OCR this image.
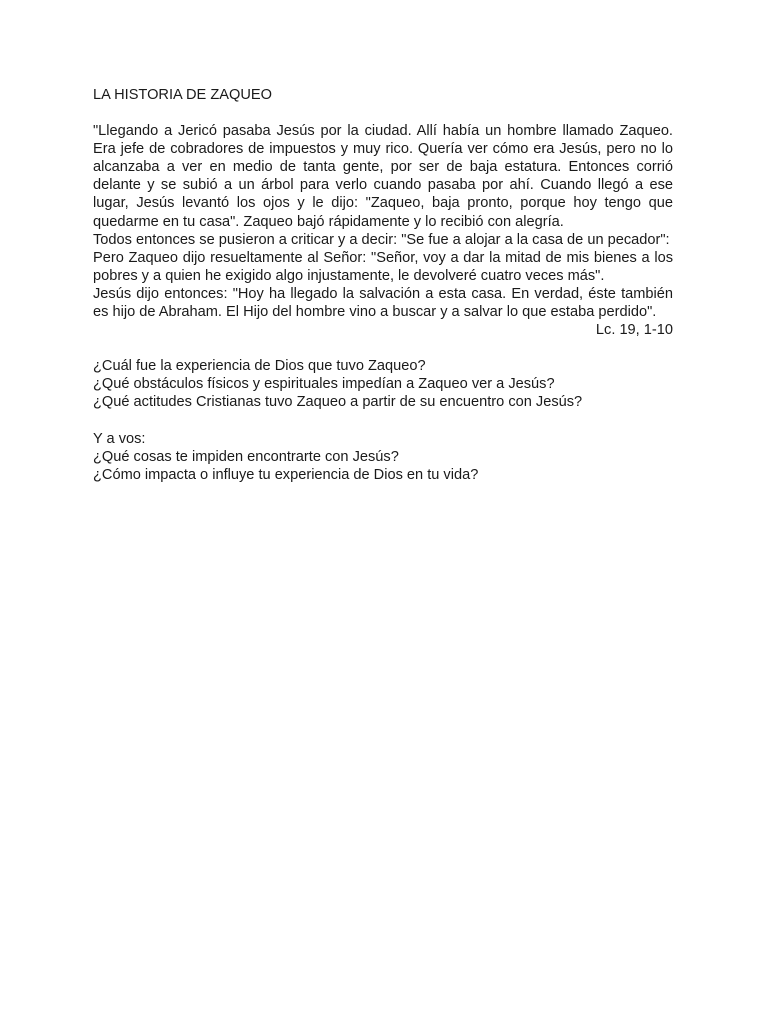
LA HISTORIA DE ZAQUEO

"Llegando a Jericó pasaba Jesús por la ciudad. Allí había un hombre llamado Zaqueo. Era jefe de cobradores de impuestos y muy rico. Quería ver cómo era Jesús, pero no lo alcanzaba a ver en medio de tanta gente, por ser de baja estatura. Entonces corrió delante y se subió a un árbol para verlo cuando pasaba por ahí. Cuando llegó a ese lugar, Jesús levantó los ojos y le dijo: "Zaqueo, baja pronto, porque hoy tengo que quedarme en tu casa". Zaqueo bajó rápidamente y lo recibió con alegría.

Todos entonces se pusieron a criticar y a decir: "Se fue a alojar a la casa de un pecador":

Pero Zaqueo dijo resueltamente al Señor: "Señor, voy a dar la mitad de mis bienes a los pobres y a quien he exigido algo injustamente, le devolveré cuatro veces más".

Jesús dijo entonces: "Hoy ha llegado la salvación a esta casa. En verdad, éste también es hijo de Abraham. El Hijo del hombre vino a buscar y a salvar lo que estaba perdido".

Lc. 19, 1-10

¿Cuál fue la experiencia de Dios que tuvo Zaqueo?

¿Qué obstáculos físicos y espirituales impedían a Zaqueo ver a Jesús?

¿Qué actitudes Cristianas tuvo Zaqueo a partir de su encuentro con Jesús?

Y a vos:

¿Qué cosas te impiden encontrarte con Jesús?

¿Cómo impacta o influye tu experiencia de Dios en tu vida?
